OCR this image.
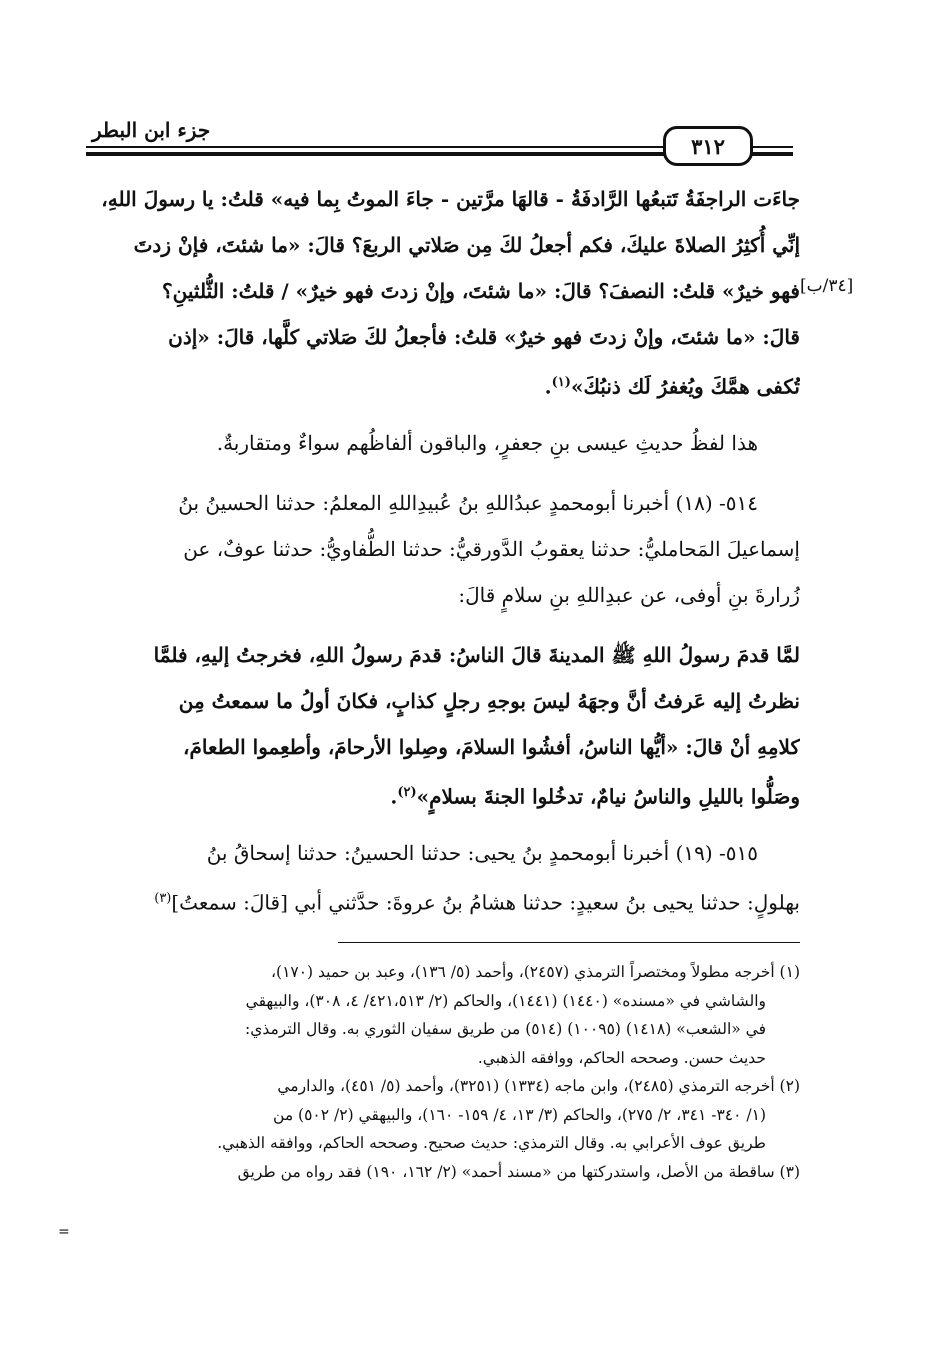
جزء ابن البطر
٣١٢
[٣٤/ب]
جاءَت الراجفَةُ تَتبعُها الرَّادفَةُ - قالهَا مرَّتين - جاءَ الموتُ بِما فيه» قلتُ: يا رسولَ اللهِ،
إنِّي أُكثِرُ الصلاةَ عليكَ، فكم أجعلُ لكَ مِن صَلاتي الربعَ؟ قالَ: «ما شئتَ، فإنْ زدتَ
فهو خيرٌ» قلتُ: النصفَ؟ قالَ: «ما شئتَ، وإنْ زدتَ فهو خيرٌ» / قلتُ: الثُّلثينِ؟
قالَ: «ما شئتَ، وإنْ زدتَ فهو خيرٌ» قلتُ: فأجعلُ لكَ صَلاتي كلَّها، قالَ: «إذن
تُكفى همَّكَ ويُغفرُ لَك ذنبُكَ»$^{(١)}$.
هذا لفظُ حديثِ عيسى بنِ جعفرٍ، والباقون ألفاظُهم سواءٌ ومتقاربةٌ.
٥١٤- (١٨) أخبرنا أبومحمدٍ عبدُاللهِ بنُ عُبيدِاللهِ المعلمُ: حدثنا الحسينُ بنُ
إسماعيلَ المَحامليُّ: حدثنا يعقوبُ الدَّورقيُّ: حدثنا الطُّفاويُّ: حدثنا عوفٌ، عن
زُرارةَ بنِ أوفى، عن عبدِاللهِ بنِ سلامٍ قالَ:
لمَّا قدمَ رسولُ اللهِ ﷺ المدينةَ قالَ الناسُ: قدمَ رسولُ اللهِ، فخرجتُ إليهِ، فلمَّا
نظرتُ إليه عَرفتُ أنَّ وجهَهُ ليسَ بوجهِ رجلٍ كذابٍ، فكانَ أولُ ما سمعتُ مِن
كلامِهِ أنْ قالَ: «أيُّها الناسُ، أفشُوا السلامَ، وصِلوا الأرحامَ، وأطعِموا الطعامَ،
وصَلُّوا بالليلِ والناسُ نيامٌ، تدخُلوا الجنةَ بسلامٍ»$^{(٢)}$.
٥١٥- (١٩) أخبرنا أبومحمدٍ بنُ يحيى: حدثنا الحسينُ: حدثنا إسحاقُ بنُ
بهلولٍ: حدثنا يحيى بنُ سعيدٍ: حدثنا هشامُ بنُ عروةَ: حدَّثني أبي [قالَ: سمعتُ]$^{(٣)}$
(١) أخرجه مطولاً ومختصراً الترمذي (٢٤٥٧)، وأحمد (٥/ ١٣٦)، وعبد بن حميد (١٧٠)،
والشاشي في «مسنده» (١٤٤٠) (١٤٤١)، والحاكم (٢/ ٤٢١،٥١٣/ ٤، ٣٠٨)، والبيهقي
في «الشعب» (١٤١٨) (١٠٠٩٥) (٥١٤) من طريق سفيان الثوري به. وقال الترمذي:
حديث حسن. وصححه الحاكم، ووافقه الذهبي.
(٢) أخرجه الترمذي (٢٤٨٥)، وابن ماجه (١٣٣٤) (٣٢٥١)، وأحمد (٥/ ٤٥١)، والدارمي
(١/ ٣٤٠- ٣٤١، ٢/ ٢٧٥)، والحاكم (٣/ ١٣، ٤/ ١٥٩- ١٦٠)، والبيهقي (٢/ ٥٠٢) من
طريق عوف الأعرابي به. وقال الترمذي: حديث صحيح. وصححه الحاكم، ووافقه الذهبي.
(٣) ساقطة من الأصل، واستدركتها من «مسند أحمد» (٢/ ١٦٢، ١٩٠) فقد رواه من طريق
=
